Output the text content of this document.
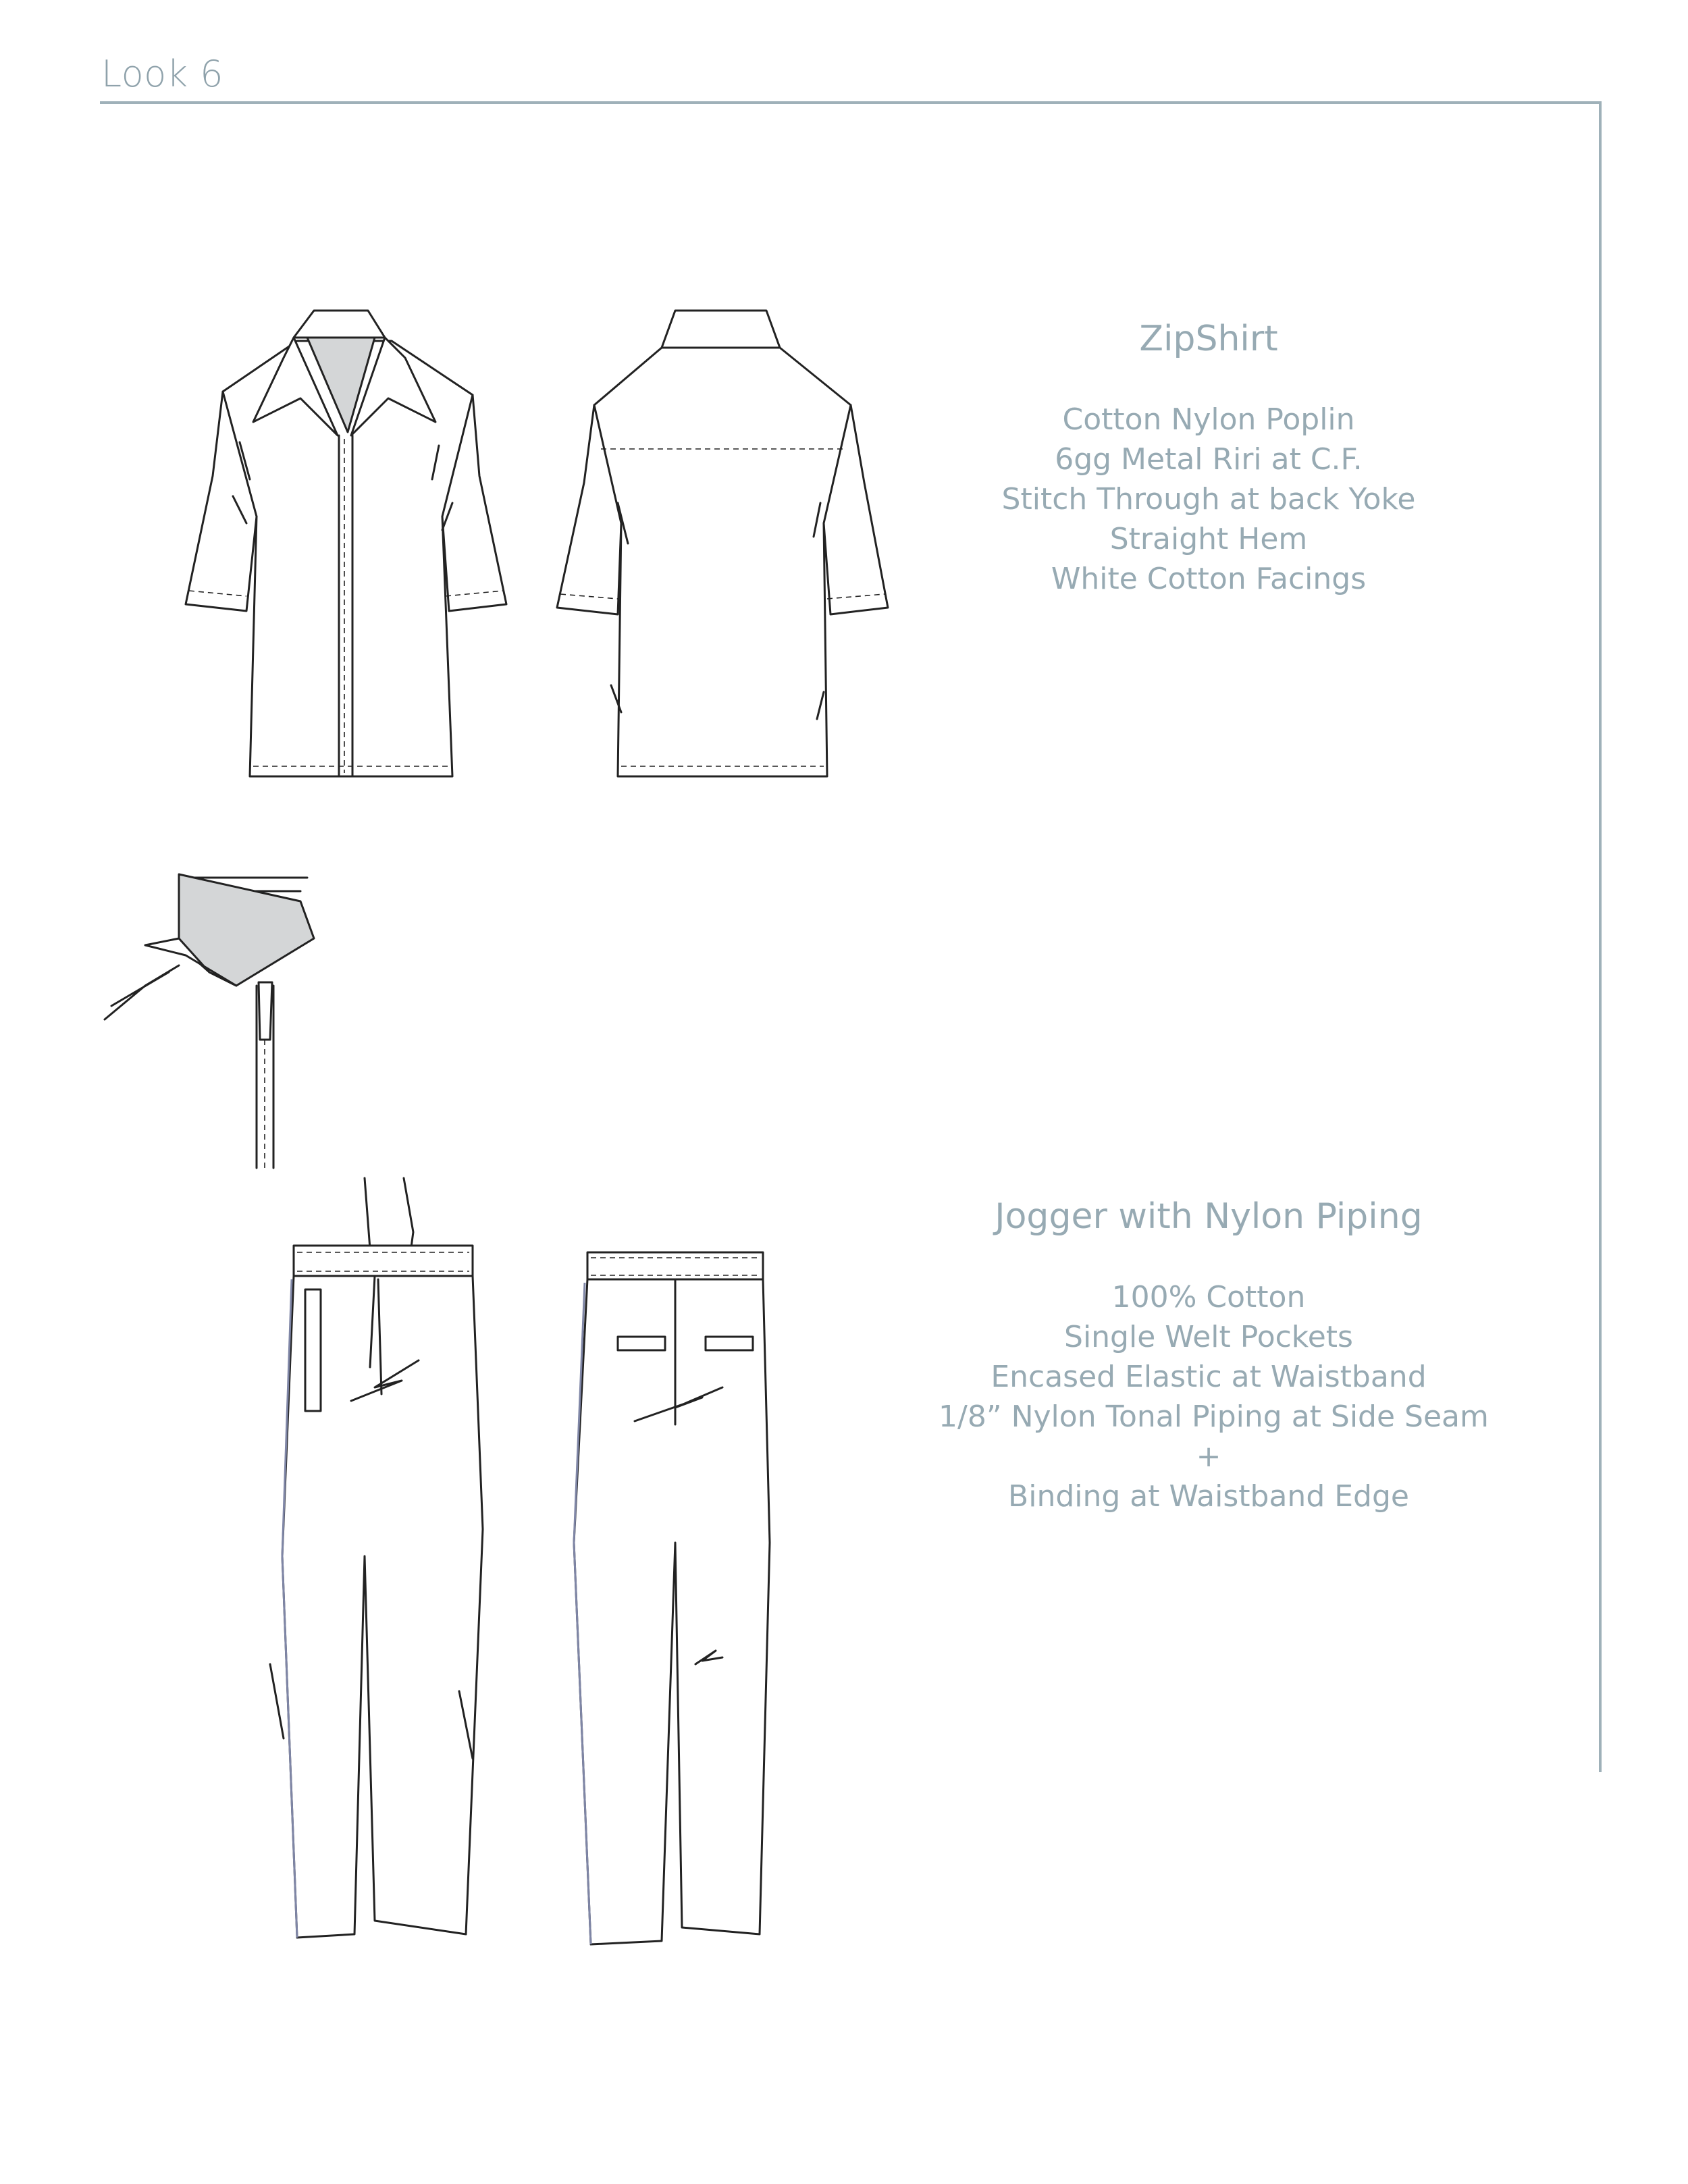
Look 6
ZipShirt
Cotton Nylon Poplin
6gg Metal Riri at C.F.
Stitch Through at back Yoke
Straight Hem
White Cotton Facings
Jogger with Nylon Piping
100% Cotton
Single Welt Pockets
Encased Elastic at Waistband
1/8” Nylon Tonal Piping at Side Seam
+
Binding at Waistband Edge
